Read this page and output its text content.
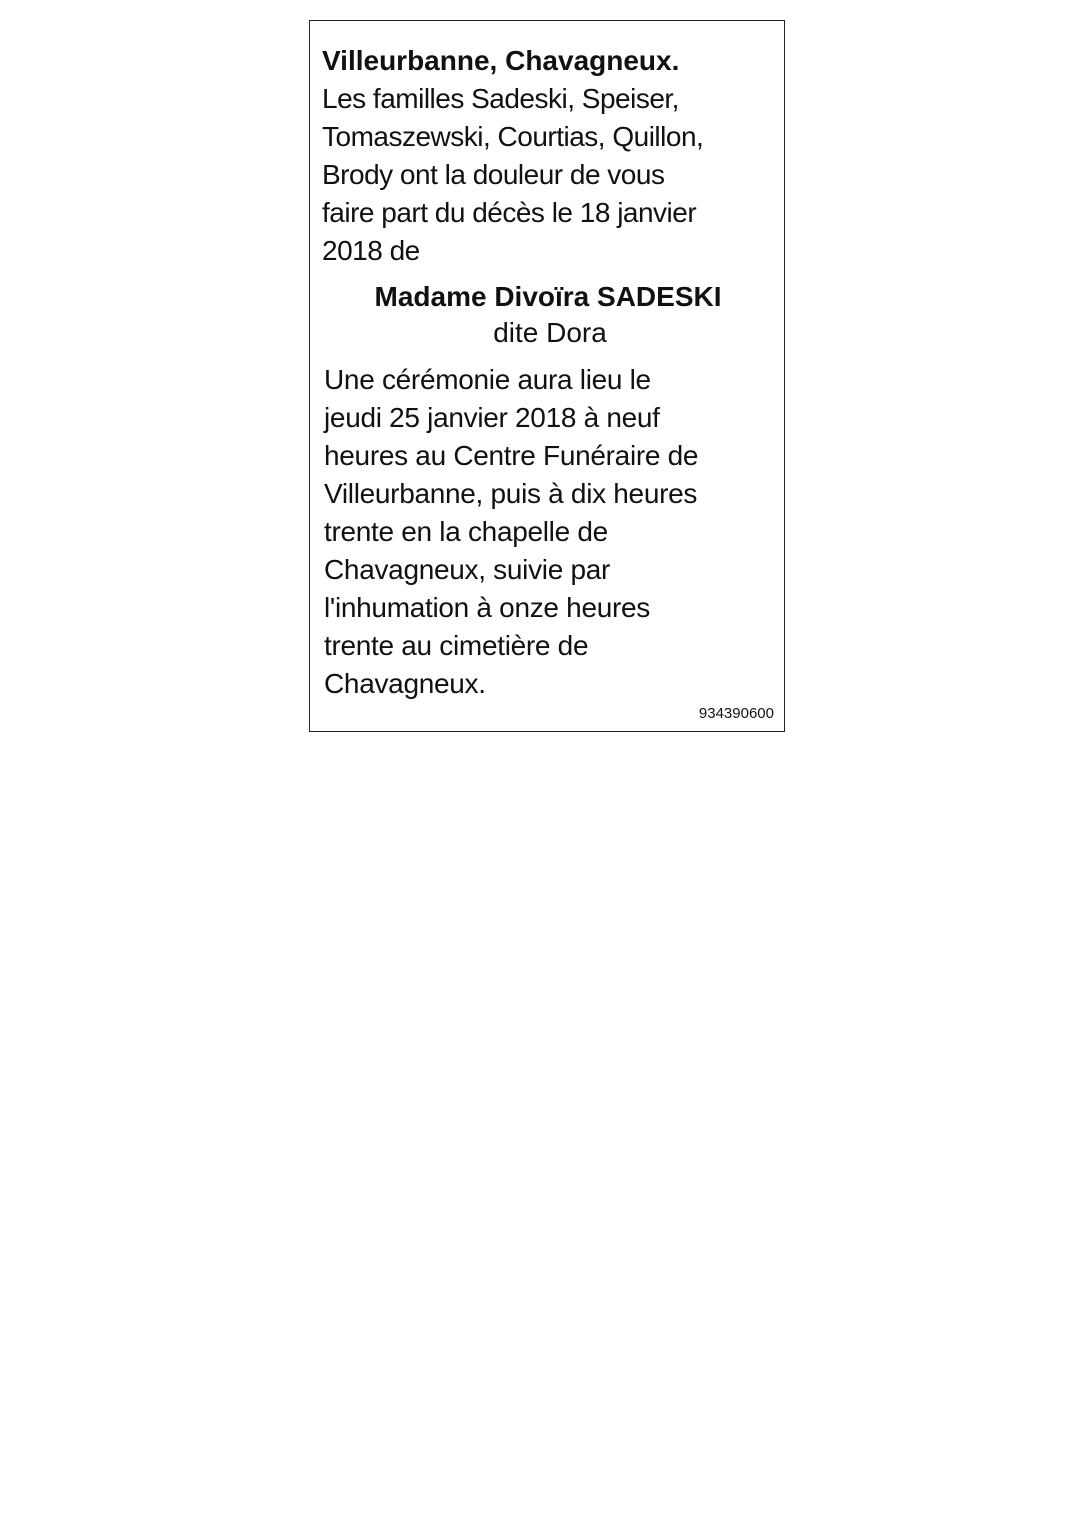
Villeurbanne, Chavagneux.

Les familles Sadeski, Speiser,
Tomaszewski, Courtias, Quillon,
Brody ont la douleur de vous
faire part du décès le 18 janvier
2018 de

Madame Divoïra SADESKI

dite Dora

Une cérémonie aura lieu le
jeudi 25 janvier 2018 à neuf
heures au Centre Funéraire de
Villeurbanne, puis à dix heures
trente en la chapelle de
Chavagneux, suivie par
l'inhumation à onze heures
trente au cimetière de
Chavagneux.

934390600
